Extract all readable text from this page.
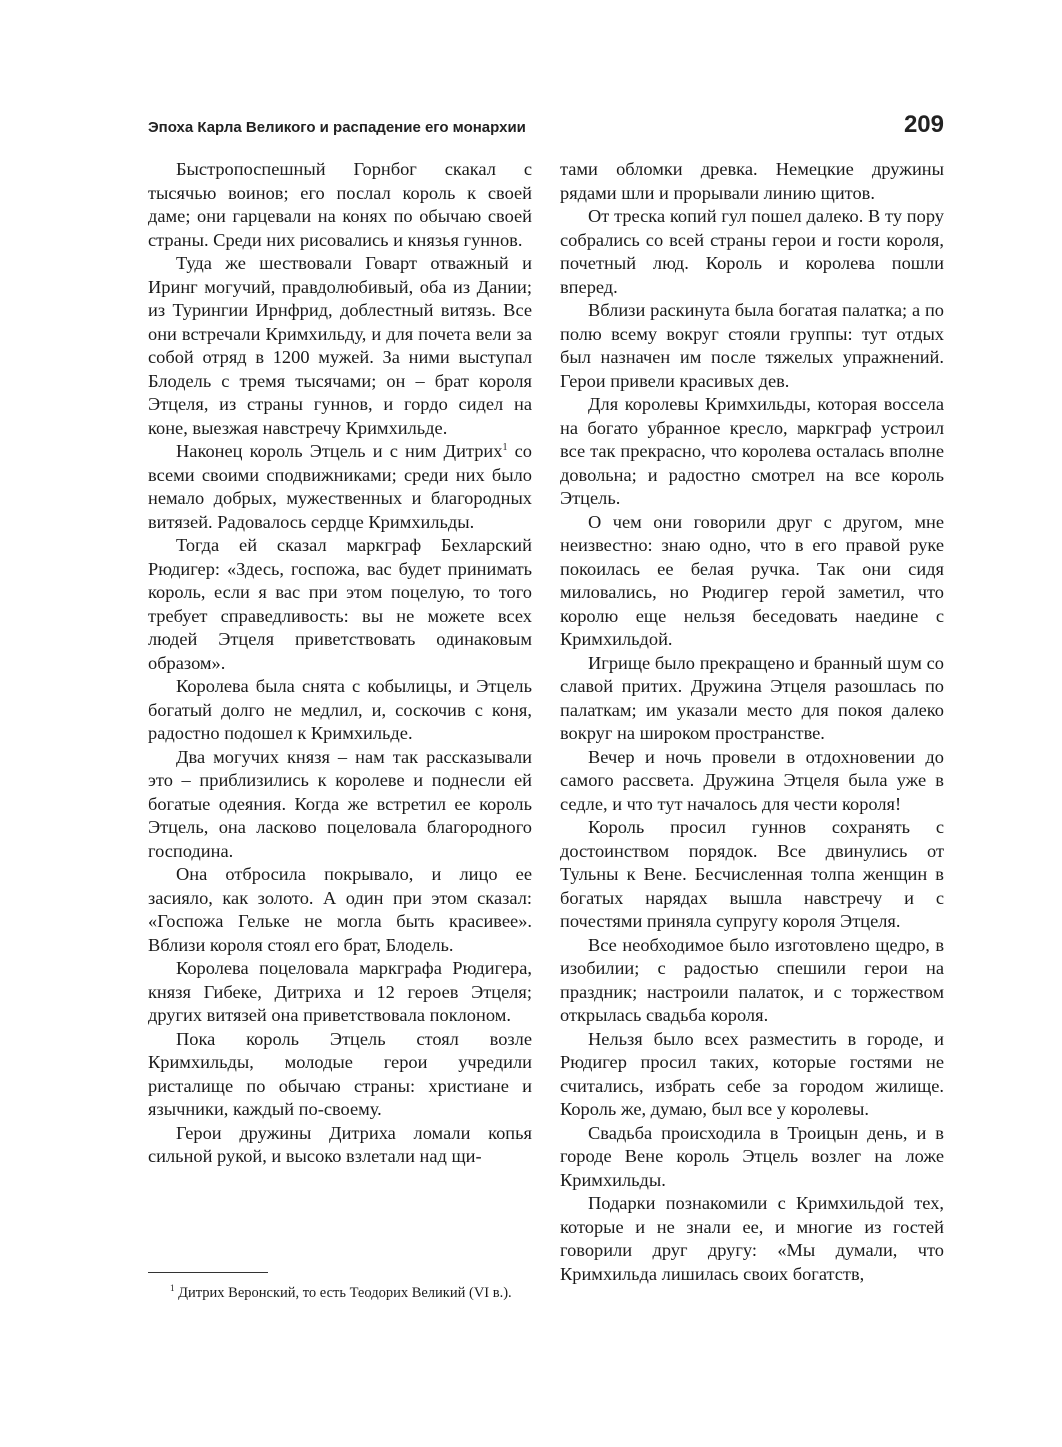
Эпоха Карла Великого и распадение его монархии	209

Быстропоспешный Горнбог скакал с тысячью воинов; его послал король к своей даме; они гарцевали на конях по обычаю своей страны. Среди них рисовались и князья гуннов.

Туда же шествовали Говарт отважный и Иринг могучий, правдолюбивый, оба из Дании; из Турингии Ирнфрид, доблестный витязь. Все они встречали Кримхильду, и для почета вели за собой отряд в 1200 мужей. За ними выступал Блодель с тремя тысячами; он – брат короля Этцеля, из страны гуннов, и гордо сидел на коне, выезжая навстречу Кримхильде.

Наконец король Этцель и с ним Дитрих$^1$ со всеми своими сподвижниками; среди них было немало добрых, мужественных и благородных витязей. Радовалось сердце Кримхильды.

Тогда ей сказал маркграф Бехларский Рюдигер: «Здесь, госпожа, вас будет принимать король, если я вас при этом поцелую, то того требует справедливость: вы не можете всех людей Этцеля приветствовать одинаковым образом».

Королева была снята с кобылицы, и Этцель богатый долго не медлил, и, соскочив с коня, радостно подошел к Кримхильде.

Два могучих князя – нам так рассказывали это – приблизились к королеве и поднесли ей богатые одеяния. Когда же встретил ее король Этцель, она ласково поцеловала благородного господина.

Она отбросила покрывало, и лицо ее засияло, как золото. А один при этом сказал: «Госпожа Гельке не могла быть красивее». Вблизи короля стоял его брат, Блодель.

Королева поцеловала маркграфа Рюдигера, князя Гибеке, Дитриха и 12 героев Этцеля; других витязей она приветствовала поклоном.

Пока король Этцель стоял возле Кримхильды, молодые герои учредили ристалище по обычаю страны: христиане и язычники, каждый по-своему.

Герои дружины Дитриха ломали копья сильной рукой, и высоко взлетали над щи-

$^1$ Дитрих Веронский, то есть Теодорих Великий (VI в.).

тами обломки древка. Немецкие дружины рядами шли и прорывали линию щитов.

От треска копий гул пошел далеко. В ту пору собрались со всей страны герои и гости короля, почетный люд. Король и королева пошли вперед.

Вблизи раскинута была богатая палатка; а по полю всему вокруг стояли группы: тут отдых был назначен им после тяжелых упражнений. Герои привели красивых дев.

Для королевы Кримхильды, которая воссела на богато убранное кресло, маркграф устроил все так прекрасно, что королева осталась вполне довольна; и радостно смотрел на все король Этцель.

О чем они говорили друг с другом, мне неизвестно: знаю одно, что в его правой руке покоилась ее белая ручка. Так они сидя миловались, но Рюдигер герой заметил, что королю еще нельзя беседовать наедине с Кримхильдой.

Игрище было прекращено и бранный шум со славой притих. Дружина Этцеля разошлась по палаткам; им указали место для покоя далеко вокруг на широком пространстве.

Вечер и ночь провели в отдохновении до самого рассвета. Дружина Этцеля была уже в седле, и что тут началось для чести короля!

Король просил гуннов сохранять с достоинством порядок. Все двинулись от Тульны к Вене. Бесчисленная толпа женщин в богатых нарядах вышла навстречу и с почестями приняла супругу короля Этцеля.

Все необходимое было изготовлено щедро, в изобилии; с радостью спешили герои на праздник; настроили палаток, и с торжеством открылась свадьба короля.

Нельзя было всех разместить в городе, и Рюдигер просил таких, которые гостями не считались, избрать себе за городом жилище. Король же, думаю, был все у королевы.

Свадьба происходила в Троицын день, и в городе Вене король Этцель возлег на ложе Кримхильды.

Подарки познакомили с Кримхильдой тех, которые и не знали ее, и многие из гостей говорили друг другу: «Мы думали, что Кримхильда лишилась своих богатств,
